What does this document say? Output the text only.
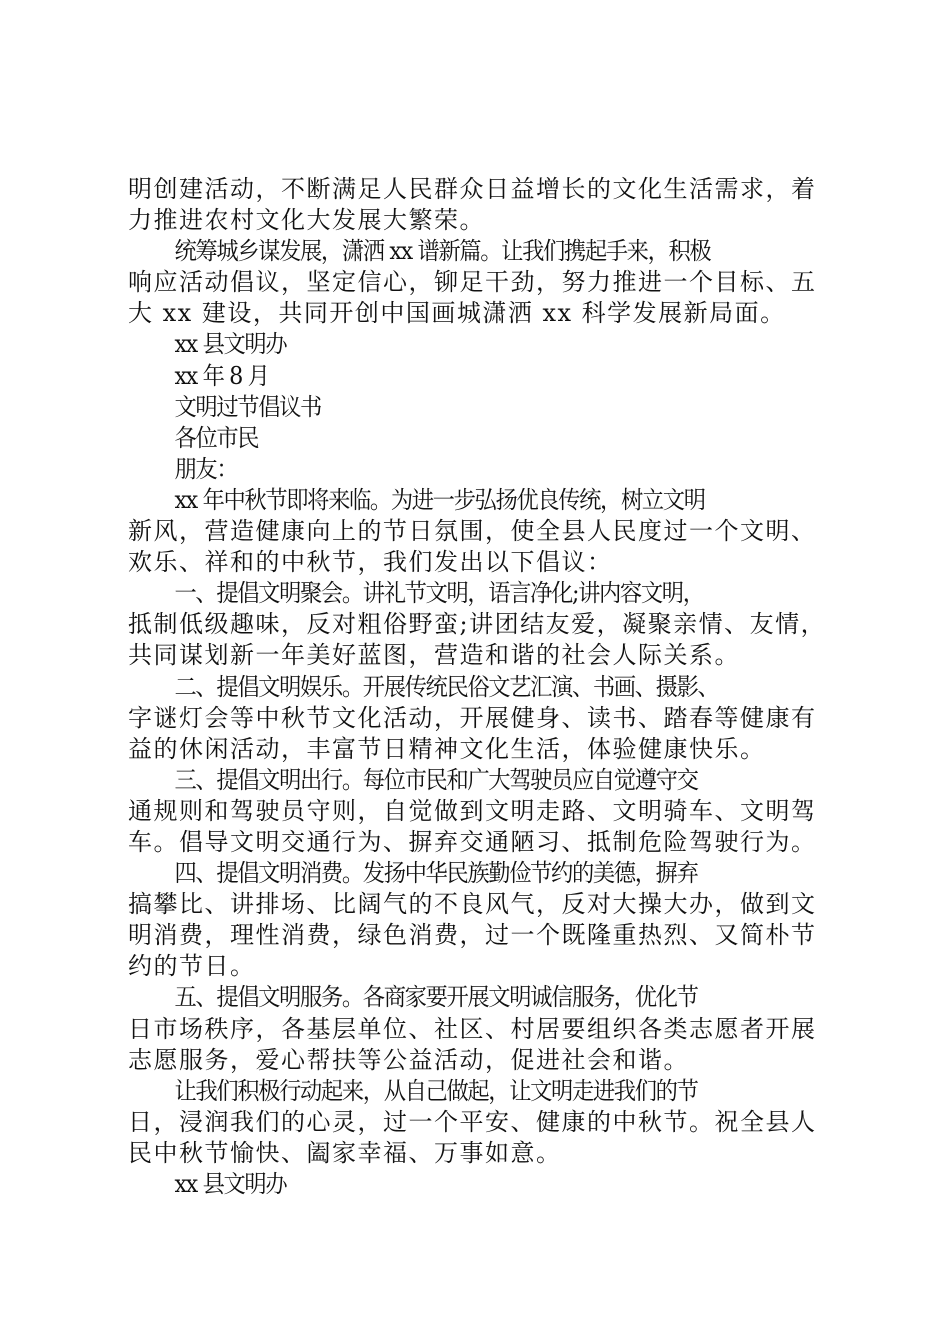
明创建活动，不断满足人民群众日益增长的文化生活需求，着
力推进农村文化大发展大繁荣。
统筹城乡谋发展，潇洒 xx 谱新篇。让我们携起手来，积极
响应活动倡议，坚定信心，铆足干劲，努力推进一个目标、五
大 xx 建设，共同开创中国画城潇洒 xx 科学发展新局面。
xx 县文明办
xx 年 8 月
文明过节倡议书
各位市民
朋友：
xx 年中秋节即将来临。为进一步弘扬优良传统，树立文明
新风，营造健康向上的节日氛围，使全县人民度过一个文明、
欢乐、祥和的中秋节，我们发出以下倡议：
一、提倡文明聚会。讲礼节文明，语言净化;讲内容文明，
抵制低级趣味，反对粗俗野蛮;讲团结友爱，凝聚亲情、友情，
共同谋划新一年美好蓝图，营造和谐的社会人际关系。
二、提倡文明娱乐。开展传统民俗文艺汇演、书画、摄影、
字谜灯会等中秋节文化活动，开展健身、读书、踏春等健康有
益的休闲活动，丰富节日精神文化生活，体验健康快乐。
三、提倡文明出行。每位市民和广大驾驶员应自觉遵守交
通规则和驾驶员守则，自觉做到文明走路、文明骑车、文明驾
车。倡导文明交通行为、摒弃交通陋习、抵制危险驾驶行为。
四、提倡文明消费。发扬中华民族勤俭节约的美德，摒弃
搞攀比、讲排场、比阔气的不良风气，反对大操大办，做到文
明消费，理性消费，绿色消费，过一个既隆重热烈、又简朴节
约的节日。
五、提倡文明服务。各商家要开展文明诚信服务，优化节
日市场秩序，各基层单位、社区、村居要组织各类志愿者开展
志愿服务，爱心帮扶等公益活动，促进社会和谐。
让我们积极行动起来，从自己做起，让文明走进我们的节
日，浸润我们的心灵，过一个平安、健康的中秋节。祝全县人
民中秋节愉快、阖家幸福、万事如意。
xx 县文明办
